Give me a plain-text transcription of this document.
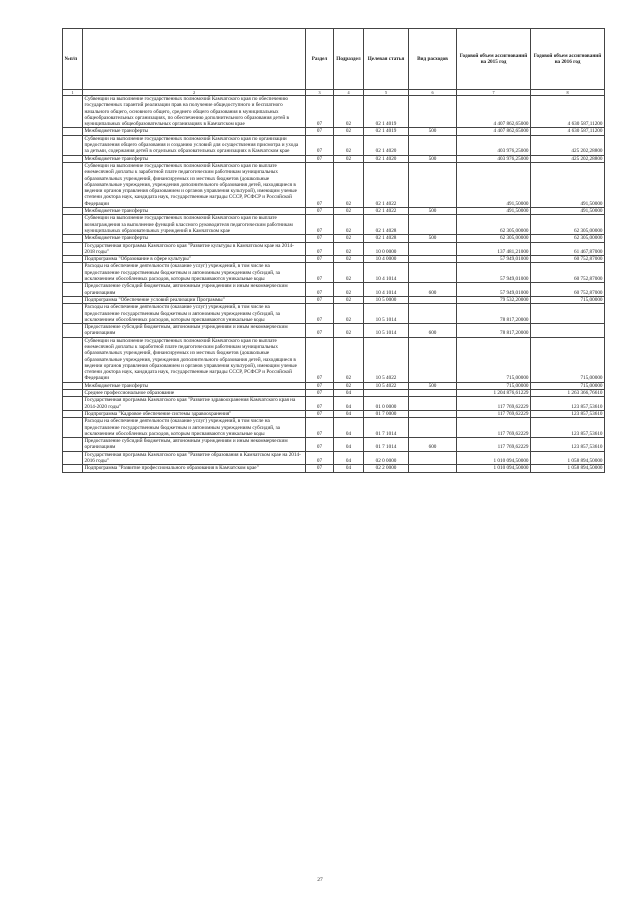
№п/п		Раздел	Подраздел	Целевая статья	Вид расходов	Годовой объем ассигнований на 2015 год	Годовой объем ассигнований на 2016 год
1	2	3	4	5	6	7	8
	Субвенции на выполнение государственных полномочий Камчатского края по обеспечению государственных гарантий реализации прав на получение общедоступного и бесплатного начального общего, основного общего, среднего общего образования в муниципальных общеобразовательных организациях, по обеспечению дополнительного образования детей в муниципальных общеобразовательных организациях в Камчатском крае	07	02	02 1 4019		4 407 862,65000	4 630 587,11200
	Межбюджетные трансферты	07	02	02 1 4019	500	4 407 862,65000	4 630 587,11200
	Субвенции на выполнение государственных полномочий Камчатского края по организации предоставления общего образования и созданию условий для осуществления присмотра и ухода за детьми, содержания детей в отдельных образовательных организациях в Камчатском крае	07	02	02 1 4020		403 976,25000	425 202,28800
	Межбюджетные трансферты	07	02	02 1 4020	500	403 976,25000	425 202,28800
	Субвенции на выполнение государственных полномочий Камчатского края по выплате ежемесячной доплаты к заработной плате педагогическим работникам муниципальных образовательных учреждений, финансируемых из местных бюджетов (дошкольные образовательные учреждения, учреждения дополнительного образования детей, находящиеся в ведении органов управления образованием и органов управления культурой), имеющим ученые степени доктора наук, кандидата наук, государственные награды СССР, РСФСР и Российской Федерации	07	02	02 1 4022		491,50000	491,50000
	Межбюджетные трансферты	07	02	02 1 4022	500	491,50000	491,50000
	Субвенции на выполнение государственных полномочий Камчатского края по выплате вознаграждения за выполнение функций классного руководителя педагогическим работникам муниципальных образовательных учреждений в Камчатском крае	07	02	02 1 4028		62 305,00000	62 305,00000
	Межбюджетные трансферты	07	02	02 1 4028	500	62 305,00000	62 305,00000
	Государственная программа Камчатского края "Развитие культуры в Камчатском крае на 2014-2018 годы"	07	02	10 0 0000		137 481,21000	61 467,87000
	Подпрограмма "Образование в сфере культуры"	07	02	10 4 0000		57 949,01000	60 752,87000
	Расходы на обеспечение деятельности (оказание услуг) учреждений, в том числе на предоставление государственным бюджетным и автономным учреждениям субсидий, за исключением обособленных расходов, которым присваиваются уникальные коды	07	02	10 4 1014		57 949,01000	60 752,87000
	Предоставление субсидий бюджетным, автономным учреждениям и иным некоммерческим организациям	07	02	10 4 1014	600	57 949,01000	60 752,87000
	Подпрограмма "Обеспечение условий реализации Программы"	07	02	10 5 0000		79 532,20000	715,00000
	Расходы на обеспечение деятельности (оказание услуг) учреждений, в том числе на предоставление государственным бюджетным и автономным учреждениям субсидий, за исключением обособленных расходов, которым присваиваются уникальные коды	07	02	10 5 1014		78 817,20000	
	Предоставление субсидий бюджетным, автономным учреждениям и иным некоммерческим организациям	07	02	10 5 1014	600	78 817,20000	
	Субвенции на выполнение государственных полномочий Камчатского края по выплате ежемесячной доплаты к заработной плате педагогическим работникам муниципальных образовательных учреждений, финансируемых из местных бюджетов (дошкольные образовательные учреждения, учреждения дополнительного образования детей, находящиеся в ведении органов управления образованием и органов управления культурой), имеющим ученые степени доктора наук, кандидата наук, государственные награды СССР, РСФСР и Российской Федерации	07	02	10 5 4022		715,00000	715,00000
	Межбюджетные трансферты	07	02	10 5 4022	500	715,00000	715,00000
	Среднее профессиональное образование	07	04			1 204 876,61229	1 263 366,76610
	Государственная программа Камчатского края "Развитие здравоохранения Камчатского края на 2014-2020 годы"	07	04	01 0 0000		117 769,62229	123 857,53610
	Подпрограмма "Кадровое обеспечение системы здравоохранения"	07	04	01 7 0000		117 769,62229	123 857,53610
	Расходы на обеспечение деятельности (оказание услуг) учреждений, в том числе на предоставление государственным бюджетным и автономным учреждениям субсидий, за исключением обособленных расходов, которым присваиваются уникальные коды	07	04	01 7 1014		117 769,62229	123 857,53610
	Предоставление субсидий бюджетным, автономным учреждениям и иным некоммерческим организациям	07	04	01 7 1014	600	117 769,62229	123 857,53610
	Государственная программа Камчатского края "Развитие образования в Камчатском крае на 2014-2016 годы"	07	04	02 0 0000		1 010 094,50000	1 058 894,50000
	Подпрограмма "Развитие профессионального образования в Камчатском крае"	07	04	02 2 0000		1 010 094,50000	1 058 894,50000
27
